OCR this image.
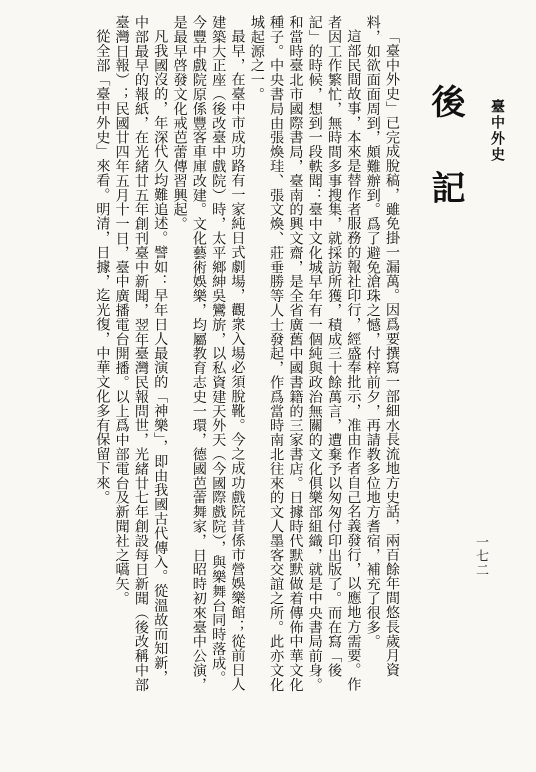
臺中外史
後記
一七二

「臺中外史」已完成脫稿，雖免掛一漏萬。因爲要撰寫一部細水長流地方史話，兩百餘年間悠長歲月資料，如欲面面周到，頗難辦到。爲了避免滄珠之憾，付梓前夕，再請教多位地方耆宿，補充了很多。

這部民間故事，本來是替作者服務的報社印行，經盛奉批示，准由作者自己名義發行，以應地方需要。作者因工作繁忙，無時間多事搜集，就採訪所獲，積成三十餘萬言，遭棄予以匆匆付印出版了。而在寫「後記」的時候，想到一段軼聞：臺中文化城早年有一個純與政治無關的文化俱樂部組織，就是中央書局前身。和當時臺北市國際書局，臺南的興文齋，是全省廣舊中國書籍的三家書店。日據時代默默做着傳佈中華文化種子。中央書局由張煥珪、張文煥、莊垂勝等人士發起，作爲當時南北往來的文人墨客交誼之所。此亦文化城起源之一。

最早，在臺中市成功路有一家純日式劇場，觀衆入場必須脫靴。今之成功戲院昔係市營娛樂館；從前日人建築大正座（後改臺中戲院）時，太平鄉紳吳鸞旂，以私資建天外天（今國際戲院），與樂舞台同時落成。今豐中戲院原係豐客車庫改建。文化藝術娛樂，均屬教育志史一環，德國芭蕾舞家，日昭時初來臺中公演，是最早啓發文化戒芭蕾傳習興起。

凡我國沒的，年深代久均難追述。譬如：早年日人最演的「神樂」，即由我國古代傳入。從溫故而知新，中部最早的報紙，在光緒廿五年創刊臺中新聞，翌年臺灣民報問世，光緒廿七年創設每日新聞（後改稱中部臺灣日報）；民國廿四年五月十一日，臺中廣播電台開播。以上爲中部電台及新聞社之嚆矢。

從全部「臺中外史」來看。明清，日據，迄光復，中華文化多有保留下來。
